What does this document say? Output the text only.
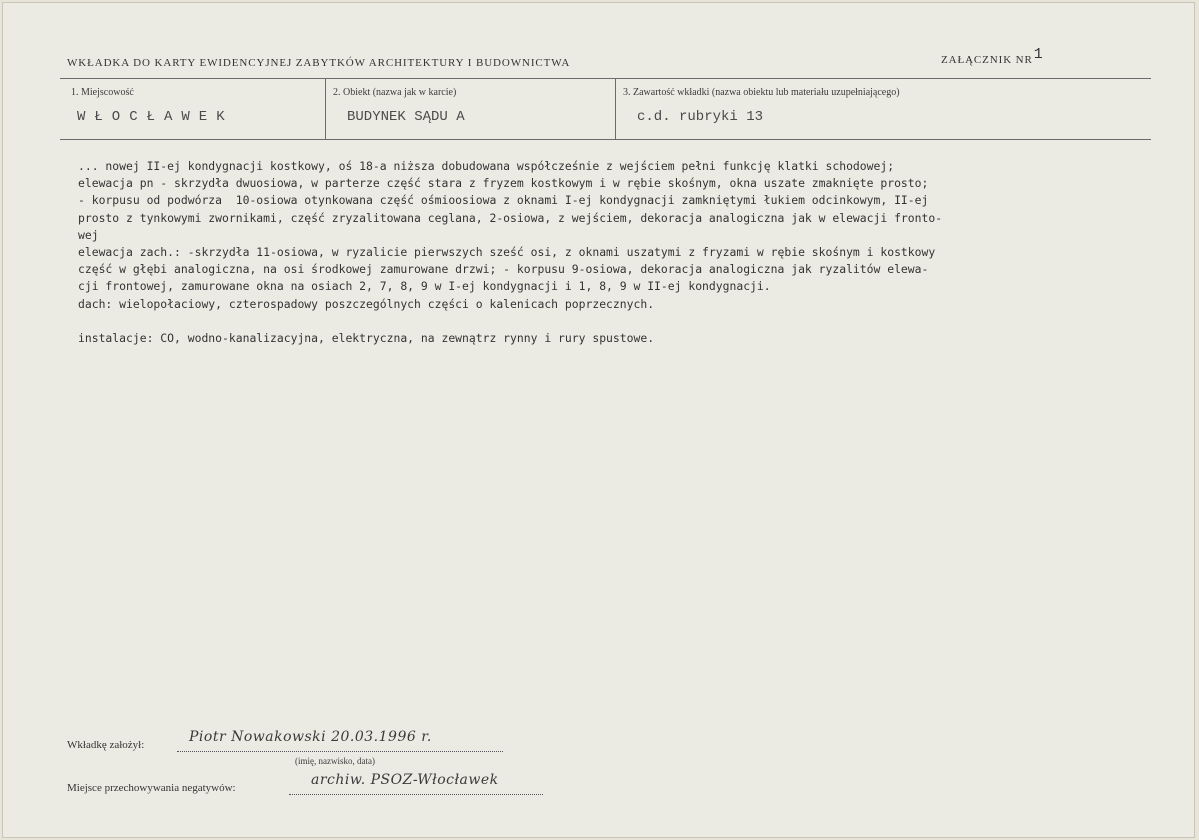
WKŁADKA DO KARTY EWIDENCYJNEJ ZABYTKÓW ARCHITEKTURY I BUDOWNICTWA	ZAŁĄCZNIK NR1
1. Miejscowość
WŁOCŁAWEK
2. Obiekt (nazwa jak w karcie)
BUDYNEK SĄDU A
3. Zawartość wkładki (nazwa obiektu lub materiału uzupełniającego)
c.d. rubryki 13
... nowej II-ej kondygnacji kostkowy, oś 18-a niższa dobudowana współcześnie z wejściem pełni funkcję klatki schodowej;
elewacja pn - skrzydła dwuosiowa, w parterze część stara z fryzem kostkowym i w rębie skośnym, okna uszate zmaknięte prosto;
- korpusu od podwórza  10-osiowa otynkowana część ośmioosiowa z oknami I-ej kondygnacji zamkniętymi łukiem odcinkowym, II-ej
prosto z tynkowymi zwornikami, część zryzalitowana ceglana, 2-osiowa, z wejściem, dekoracja analogiczna jak w elewacji fronto-
wej
elewacja zach.: -skrzydła 11-osiowa, w ryzalicie pierwszych sześć osi, z oknami uszatymi z fryzami w rębie skośnym i kostkowy
część w głębi analogiczna, na osi środkowej zamurowane drzwi; - korpusu 9-osiowa, dekoracja analogiczna jak ryzalitów elewa-
cji frontowej, zamurowane okna na osiach 2, 7, 8, 9 w I-ej kondygnacji i 1, 8, 9 w II-ej kondygnacji.
dach: wielopołaciowy, czterospadowy poszczególnych części o kalenicach poprzecznych.

instalacje: CO, wodno-kanalizacyjna, elektryczna, na zewnątrz rynny i rury spustowe.
Wkładkę założył:	Piotr Nowakowski 20.03.1996 r.
(imię, nazwisko, data)
Miejsce przechowywania negatywów:	archiw. PSOZ-Włocławek
